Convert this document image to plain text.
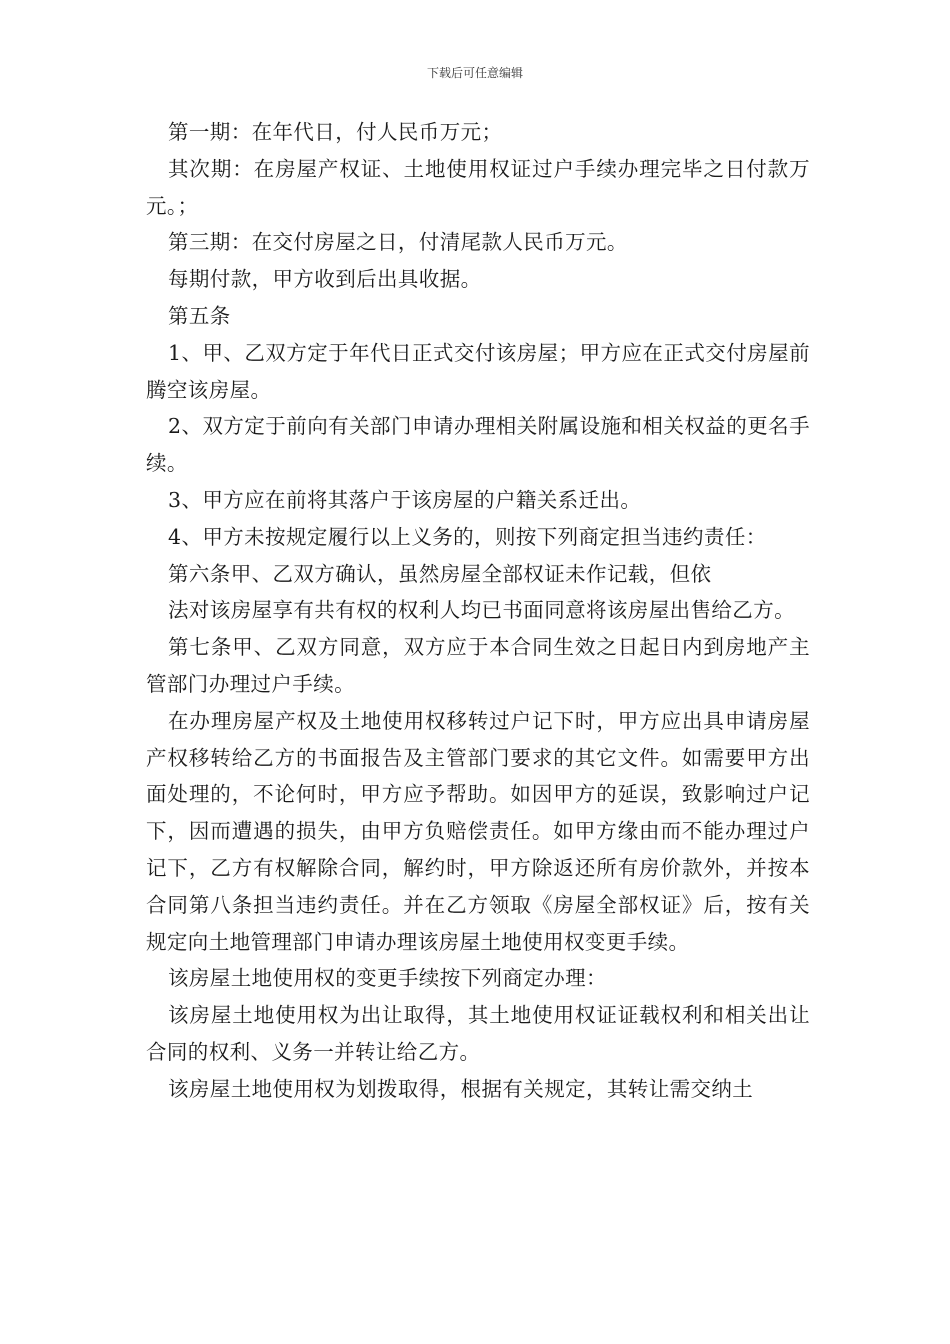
下载后可任意编辑

第一期：在年代日，付人民币万元；

其次期：在房屋产权证、土地使用权证过户手续办理完毕之日付款万元。；

第三期：在交付房屋之日，付清尾款人民币万元。

每期付款，甲方收到后出具收据。

第五条

1、甲、乙双方定于年代日正式交付该房屋；甲方应在正式交付房屋前腾空该房屋。

2、双方定于前向有关部门申请办理相关附属设施和相关权益的更名手续。

3、甲方应在前将其落户于该房屋的户籍关系迁出。

4、甲方未按规定履行以上义务的，则按下列商定担当违约责任：

第六条甲、乙双方确认，虽然房屋全部权证未作记载，但依

法对该房屋享有共有权的权利人均已书面同意将该房屋出售给乙方。

第七条甲、乙双方同意，双方应于本合同生效之日起日内到房地产主管部门办理过户手续。

在办理房屋产权及土地使用权移转过户记下时，甲方应出具申请房屋产权移转给乙方的书面报告及主管部门要求的其它文件。如需要甲方出面处理的，不论何时，甲方应予帮助。如因甲方的延误，致影响过户记下，因而遭遇的损失，由甲方负赔偿责任。如甲方缘由而不能办理过户记下，乙方有权解除合同，解约时，甲方除返还所有房价款外，并按本合同第八条担当违约责任。并在乙方领取《房屋全部权证》后，按有关规定向土地管理部门申请办理该房屋土地使用权变更手续。

该房屋土地使用权的变更手续按下列商定办理：

该房屋土地使用权为出让取得，其土地使用权证证载权利和相关出让合同的权利、义务一并转让给乙方。

该房屋土地使用权为划拨取得，根据有关规定，其转让需交纳土
